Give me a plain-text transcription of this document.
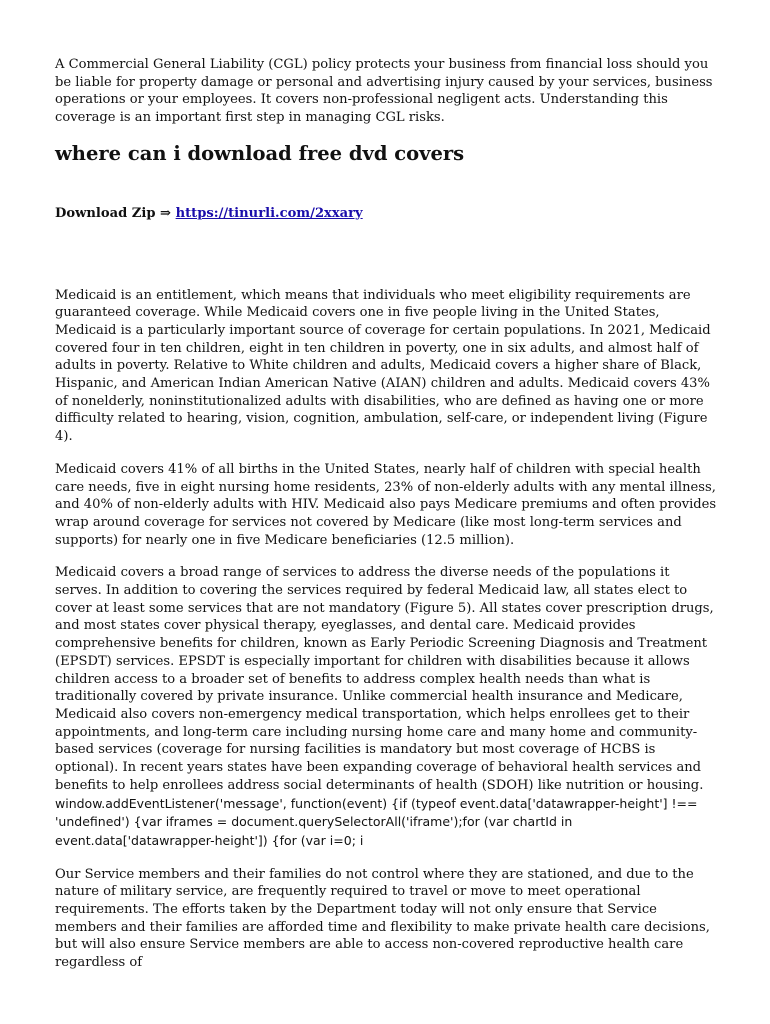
A Commercial General Liability (CGL) policy protects your business from financial loss should you be liable for property damage or personal and advertising injury caused by your services, business operations or your employees. It covers non-professional negligent acts. Understanding this coverage is an important first step in managing CGL risks.

where can i download free dvd covers
Download Zip ⇒ https://tinurli.com/2xxary

Medicaid is an entitlement, which means that individuals who meet eligibility requirements are guaranteed coverage. While Medicaid covers one in five people living in the United States, Medicaid is a particularly important source of coverage for certain populations. In 2021, Medicaid covered four in ten children, eight in ten children in poverty, one in six adults, and almost half of adults in poverty. Relative to White children and adults, Medicaid covers a higher share of Black, Hispanic, and American Indian American Native (AIAN) children and adults. Medicaid covers 43% of nonelderly, noninstitutionalized adults with disabilities, who are defined as having one or more difficulty related to hearing, vision, cognition, ambulation, self-care, or independent living (Figure 4).

Medicaid covers 41% of all births in the United States, nearly half of children with special health care needs, five in eight nursing home residents, 23% of non-elderly adults with any mental illness, and 40% of non-elderly adults with HIV. Medicaid also pays Medicare premiums and often provides wrap around coverage for services not covered by Medicare (like most long-term services and supports) for nearly one in five Medicare beneficiaries (12.5 million).

Medicaid covers a broad range of services to address the diverse needs of the populations it serves. In addition to covering the services required by federal Medicaid law, all states elect to cover at least some services that are not mandatory (Figure 5). All states cover prescription drugs, and most states cover physical therapy, eyeglasses, and dental care. Medicaid provides comprehensive benefits for children, known as Early Periodic Screening Diagnosis and Treatment (EPSDT) services. EPSDT is especially important for children with disabilities because it allows children access to a broader set of benefits to address complex health needs than what is traditionally covered by private insurance. Unlike commercial health insurance and Medicare, Medicaid also covers non-emergency medical transportation, which helps enrollees get to their appointments, and long-term care including nursing home care and many home and community-based services (coverage for nursing facilities is mandatory but most coverage of HCBS is optional). In recent years states have been expanding coverage of behavioral health services and benefits to help enrollees address social determinants of health (SDOH) like nutrition or housing.
window.addEventListener('message', function(event) {if (typeof event.data['datawrapper-height'] !== 'undefined') {var iframes = document.querySelectorAll('iframe');for (var chartId in event.data['datawrapper-height']) {for (var i=0; i

Our Service members and their families do not control where they are stationed, and due to the nature of military service, are frequently required to travel or move to meet operational requirements. The efforts taken by the Department today will not only ensure that Service members and their families are afforded time and flexibility to make private health care decisions, but will also ensure Service members are able to access non-covered reproductive health care regardless of
